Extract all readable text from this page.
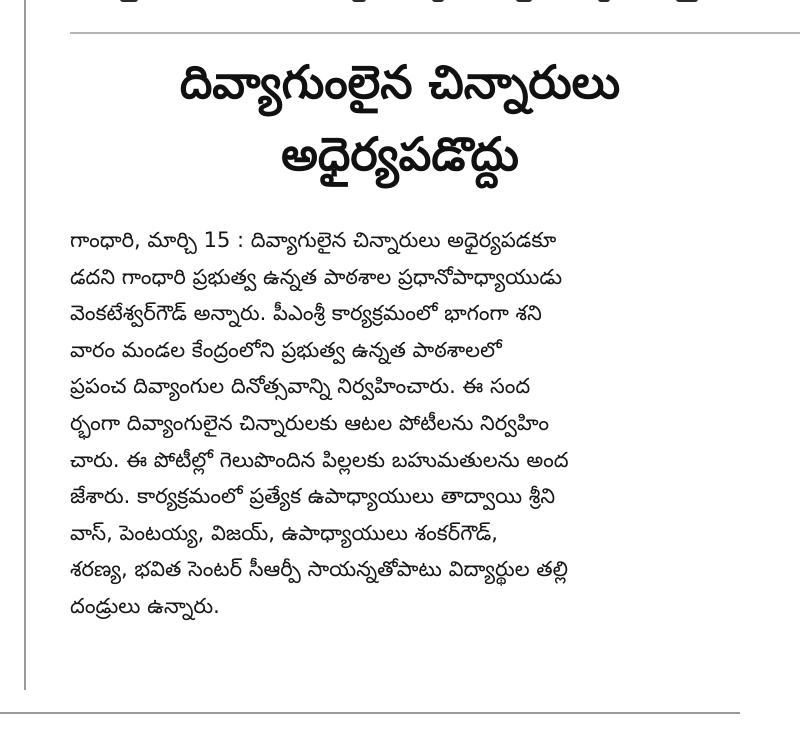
దివ్యాగుంలైన చిన్నారులు
అధైర్యపడొద్దు
గాంధారి, మార్చి 15 : దివ్యాగులైన చిన్నారులు అధైర్యపడకూ
డదని గాంధారి ప్రభుత్వ ఉన్నత పాఠశాల ప్రధానోపాధ్యాయుడు
వెంకటేశ్వర్‌గౌడ్‌ అన్నారు. పీఎంశ్రీ కార్యక్రమంలో భాగంగా శని
వారం మండల కేంద్రంలోని ప్రభుత్వ ఉన్నత పాఠశాలలో
ప్రపంచ దివ్యాంగుల దినోత్సవాన్ని నిర్వహించారు. ఈ సంద
ర్భంగా దివ్యాంగులైన చిన్నారులకు ఆటల పోటీలను నిర్వహిం
చారు. ఈ పోటీల్లో గెలుపొందిన పిల్లలకు బహుమతులను అంద
జేశారు. కార్యక్రమంలో ప్రత్యేక ఉపాధ్యాయులు తాద్వాయి శ్రీని
వాస్‌, పెంటయ్య, విజయ్‌, ఉపాధ్యాయులు శంకర్‌గౌడ్‌,
శరణ్య, భవిత సెంటర్‌ సీఆర్పీ సాయన్నతోపాటు విద్యార్థుల తల్లి
దండ్రులు ఉన్నారు.
